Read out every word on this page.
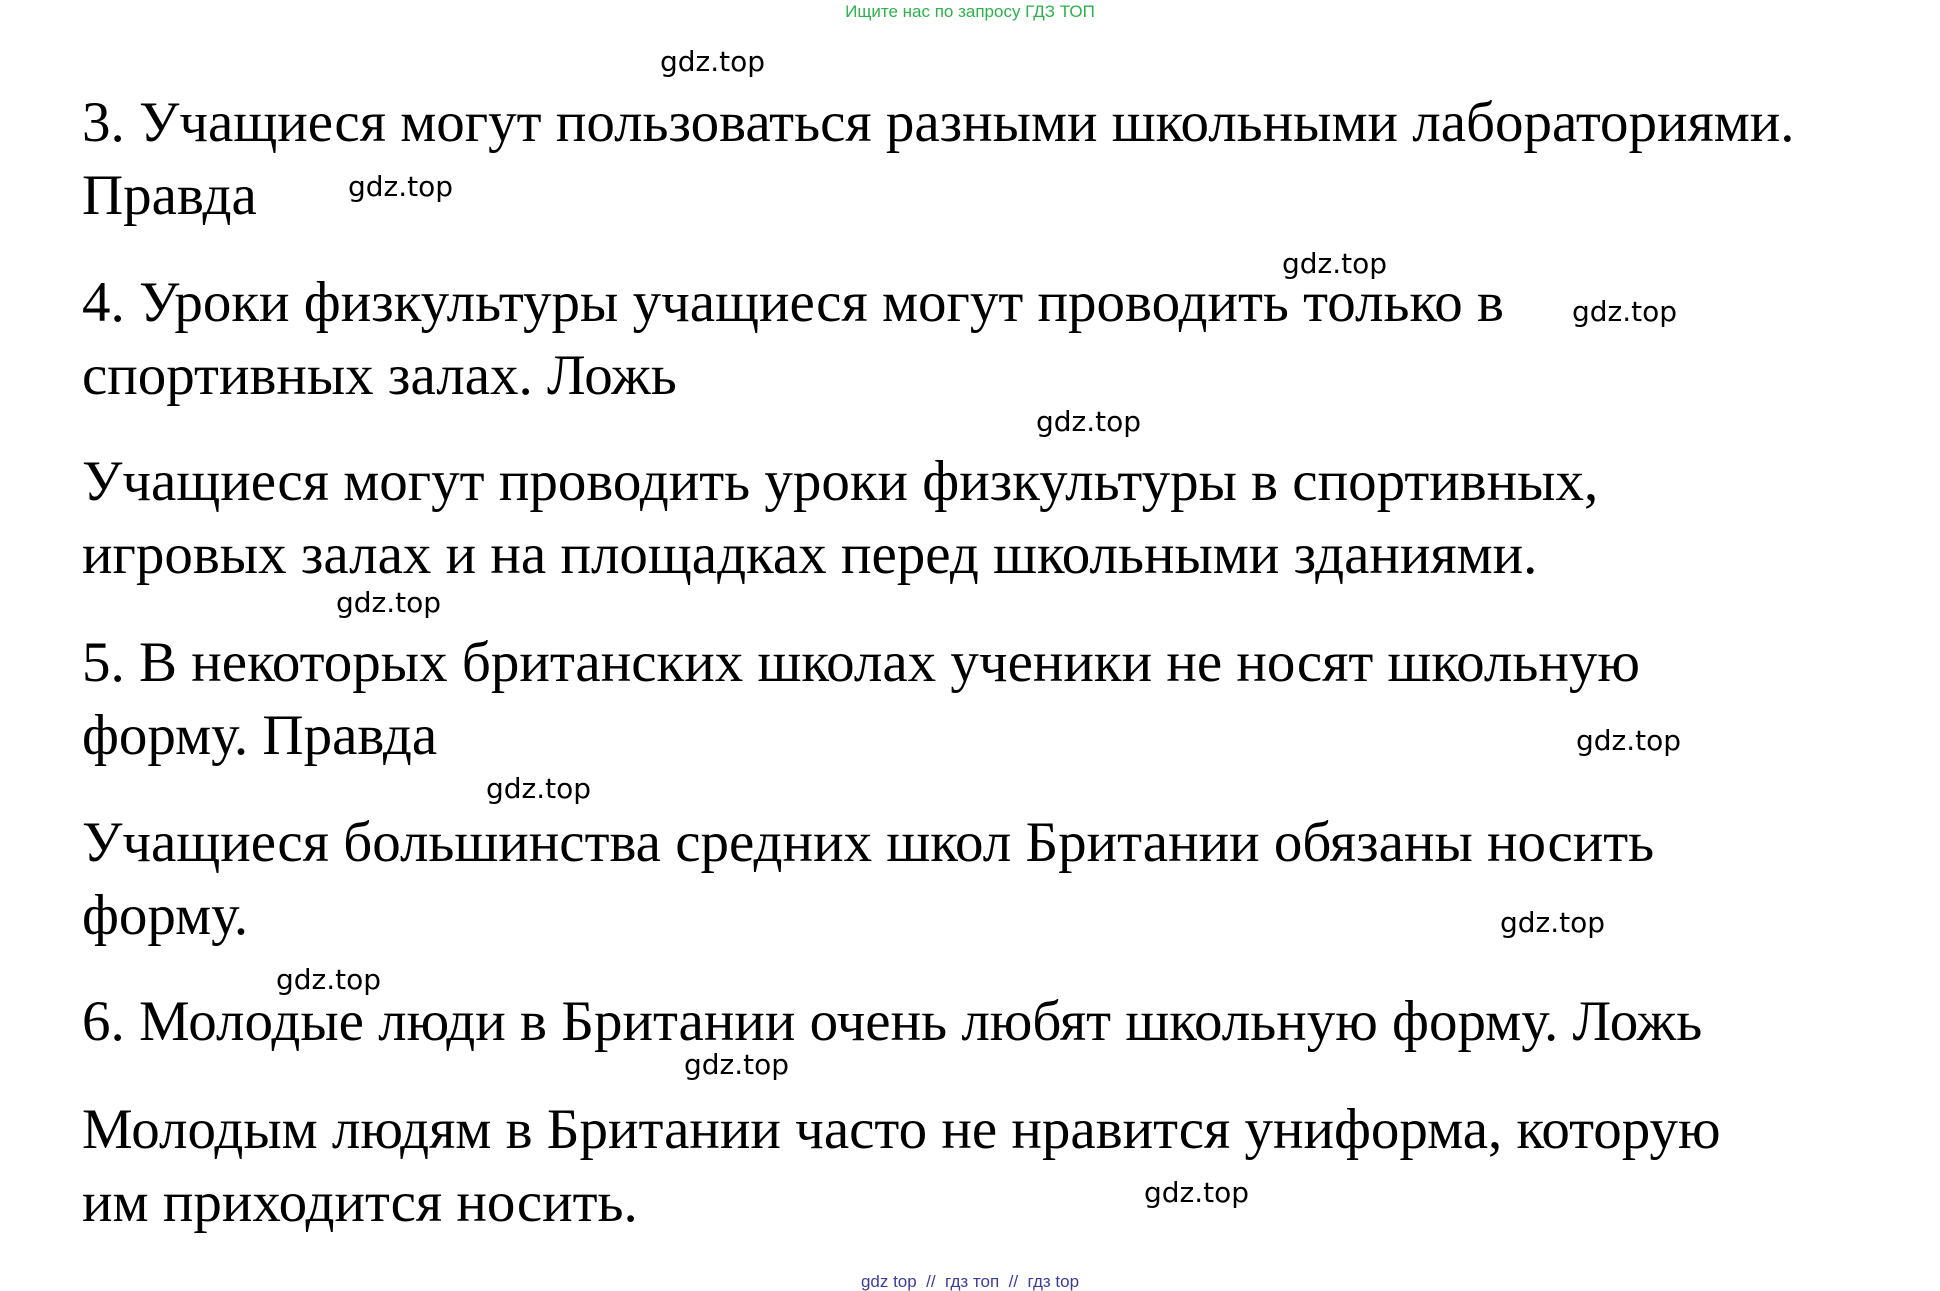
Ищите нас по запросу ГДЗ ТОП
3. Учащиеся могут пользоваться разными школьными лабораториями.
Правда
4. Уроки физкультуры учащиеся могут проводить только в
спортивных залах. Ложь
Учащиеся могут проводить уроки физкультуры в спортивных,
игровых залах и на площадках перед школьными зданиями.
5. В некоторых британских школах ученики не носят школьную
форму. Правда
Учащиеся большинства средних школ Британии обязаны носить
форму.
6. Молодые люди в Британии очень любят школьную форму. Ложь
Молодым людям в Британии часто не нравится униформа, которую
им приходится носить.
gdz.top
gdz.top
gdz.top
gdz.top
gdz.top
gdz.top
gdz.top
gdz.top
gdz.top
gdz.top
gdz.top
gdz.top
gdz top  //  гдз топ  //  гдз top
